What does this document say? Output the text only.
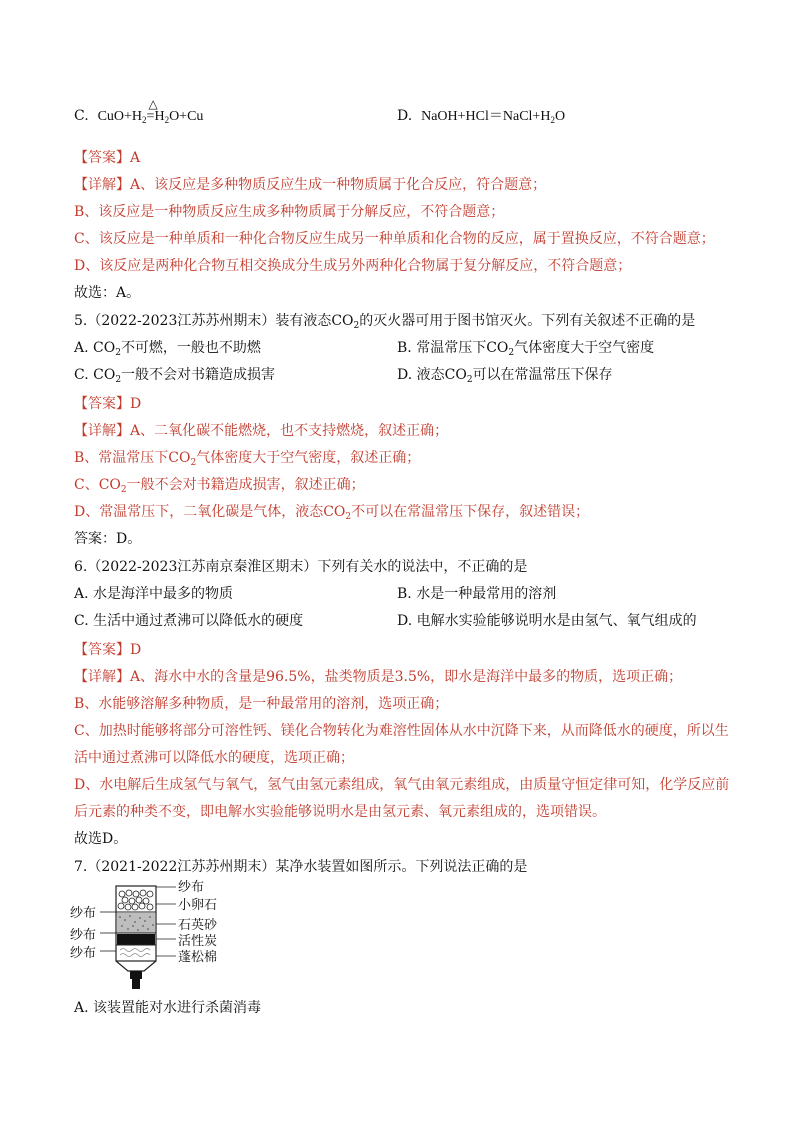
C. $CuO+H_2$
△
$=H_2O+Cu$	D. $NaOH+HCl=NaCl+H_2O$
【答案】A
【详解】A、该反应是多种物质反应生成一种物质属于化合反应，符合题意；
B、该反应是一种物质反应生成多种物质属于分解反应，不符合题意；
C、该反应是一种单质和一种化合物反应生成另一种单质和化合物的反应，属于置换反应，不符合题意；
D、该反应是两种化合物互相交换成分生成另外两种化合物属于复分解反应，不符合题意；
故选：A。
5.（2022-2023江苏苏州期末）装有液态$CO_2$的灭火器可用于图书馆灭火。下列有关叙述不正确的是
A. $CO_2$不可燃，一般也不助燃	B. 常温常压下$CO_2$气体密度大于空气密度
C. $CO_2$一般不会对书籍造成损害	D. 液态$CO_2$可以在常温常压下保存
【答案】D
【详解】A、二氧化碳不能燃烧，也不支持燃烧，叙述正确；
B、常温常压下$CO_2$气体密度大于空气密度，叙述正确；
C、$CO_2$一般不会对书籍造成损害，叙述正确；
D、常温常压下，二氧化碳是气体，液态$CO_2$不可以在常温常压下保存，叙述错误；
答案：D。
6.（2022-2023江苏南京秦淮区期末）下列有关水的说法中，不正确的是
A. 水是海洋中最多的物质	B. 水是一种最常用的溶剂
C. 生活中通过煮沸可以降低水的硬度	D. 电解水实验能够说明水是由氢气、氧气组成的
【答案】D
【详解】A、海水中水的含量是96.5%，盐类物质是3.5%，即水是海洋中最多的物质，选项正确；
B、水能够溶解多种物质，是一种最常用的溶剂，选项正确；
C、加热时能够将部分可溶性钙、镁化合物转化为难溶性固体从水中沉降下来，从而降低水的硬度，所以生
活中通过煮沸可以降低水的硬度，选项正确；
D、水电解后生成氢气与氧气，氢气由氢元素组成，氧气由氧元素组成，由质量守恒定律可知，化学反应前
后元素的种类不变，即电解水实验能够说明水是由氢元素、氧元素组成的，选项错误。
故选D。
7.（2021-2022江苏苏州期末）某净水装置如图所示。下列说法正确的是
纱布
小卵石
石英砂
活性炭
蓬松棉
纱布
纱布
纱布
A. 该装置能对水进行杀菌消毒
